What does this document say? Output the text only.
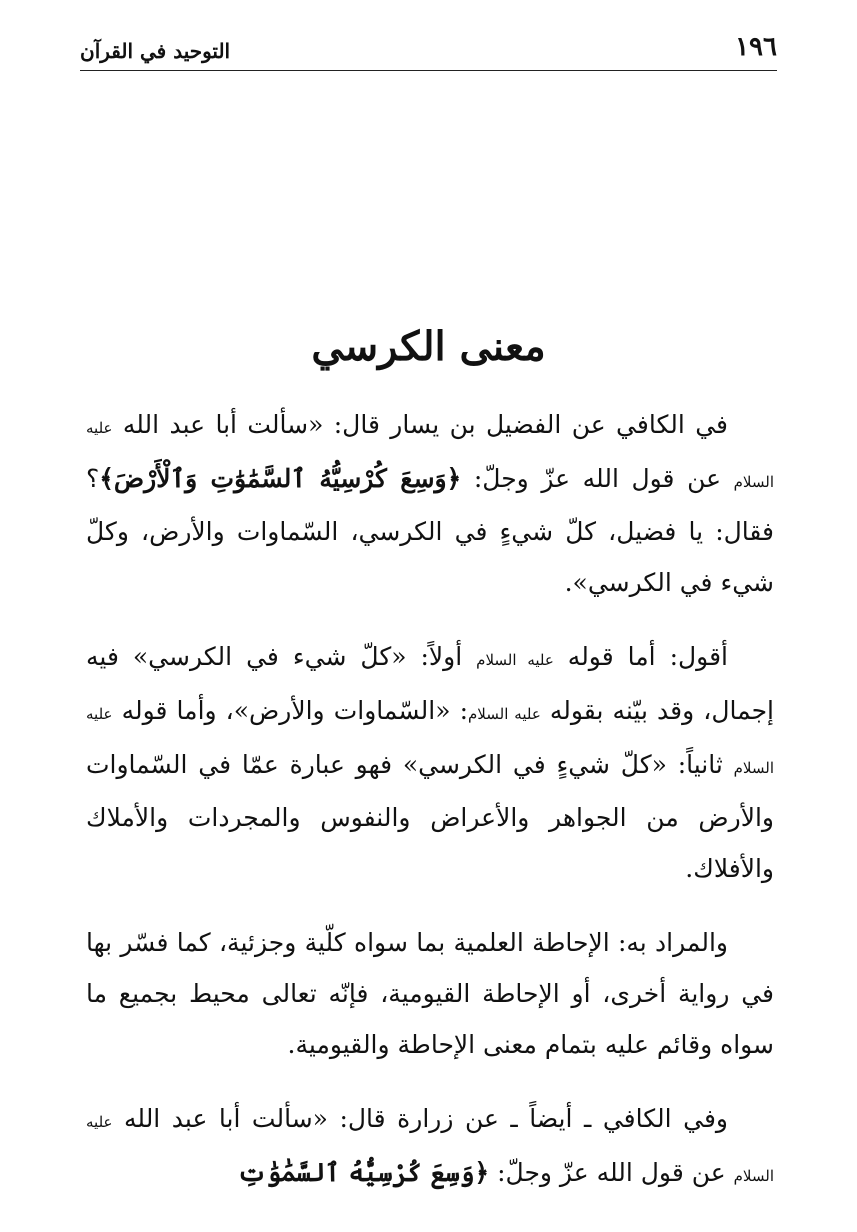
١٩٦
التوحيد في القرآن
معنى الكرسي

في الكافي عن الفضيل بن يسار قال: «سألت أبا عبد الله عليه السلام عن قول الله عزّ وجلّ: ﴿وَسِعَ كُرْسِيُّهُ ٱلسَّمَٰوَٰتِ وَٱلْأَرْضَ﴾؟ فقال: يا فضيل، كلّ شيءٍ في الكرسي، السّماوات والأرض، وكلّ شيء في الكرسي».

أقول: أما قوله عليه السلام أولاً: «كلّ شيء في الكرسي» فيه إجمال، وقد بيّنه بقوله عليه السلام: «السّماوات والأرض»، وأما قوله عليه السلام ثانياً: «كلّ شيءٍ في الكرسي» فهو عبارة عمّا في السّماوات والأرض من الجواهر والأعراض والنفوس والمجردات والأملاك والأفلاك.

والمراد به: الإحاطة العلمية بما سواه كلّية وجزئية، كما فسّر بها في رواية أخرى، أو الإحاطة القيومية، فإنّه تعالى محيط بجميع ما سواه وقائم عليه بتمام معنى الإحاطة والقيومية.

وفي الكافي ـ أيضاً ـ عن زرارة قال: «سألت أبا عبد الله عليه السلام عن قول الله عزّ وجلّ: ﴿وَسِعَ كُرْسِيُّهُ ٱلسَّمَٰوَٰتِ
